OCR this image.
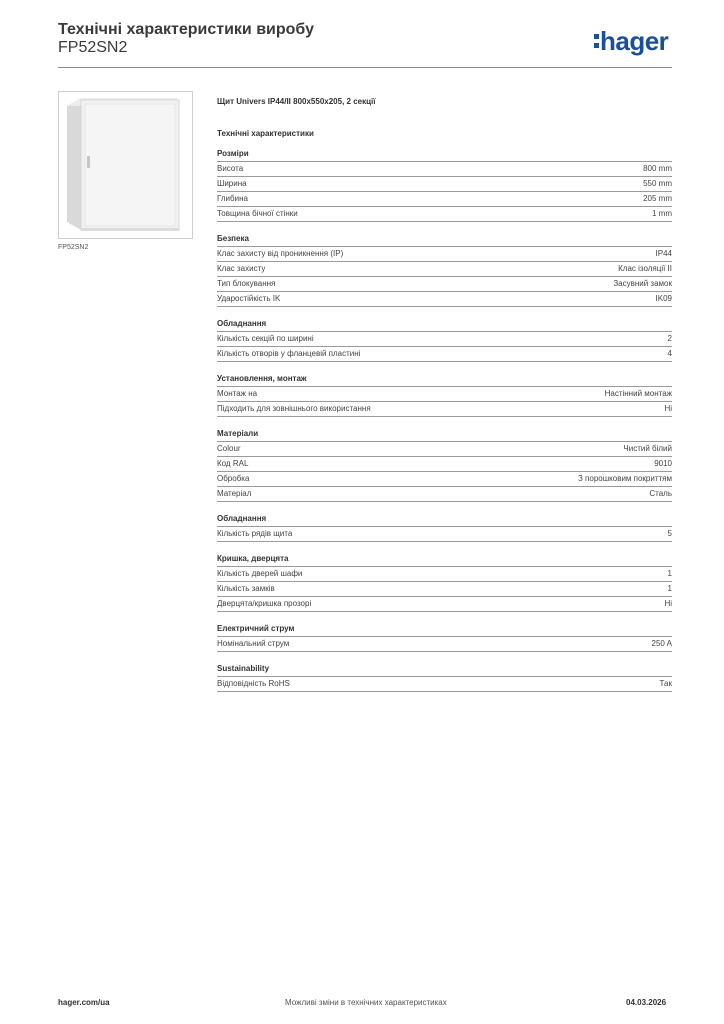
Технічні характеристики виробу
FP52SN2	hager
FP52SN2
Щит Univers IP44/II 800x550x205, 2 секції
Технічні характеристики
Розміри
Висота	800 mm
Ширина	550 mm
Глибина	205 mm
Товщина бічної стінки	1 mm
Безпека
Клас захисту від проникнення (IP)	IP44
Клас захисту	Клас ізоляції II
Тип блокування	Засувний замок
Ударостійкість IK	IK09
Обладнання
Кількість секцій по ширині	2
Кількість отворів у фланцевій пластині	4
Установлення, монтаж
Монтаж на	Настінний монтаж
Підходить для зовнішнього використання	Ні
Матеріали
Colour	Чистий білий
Код RAL	9010
Обробка	З порошковим покриттям
Матеріал	Сталь
Обладнання
Кількість рядів щита	5
Кришка, дверцята
Кількість дверей шафи	1
Кількість замків	1
Дверцята/кришка прозорі	Ні
Електричний струм
Номінальний струм	250 A
Sustainability
Відповідність RoHS	Так
hager.com/ua	Можливі зміни в технічних характеристиках	04.03.2026
